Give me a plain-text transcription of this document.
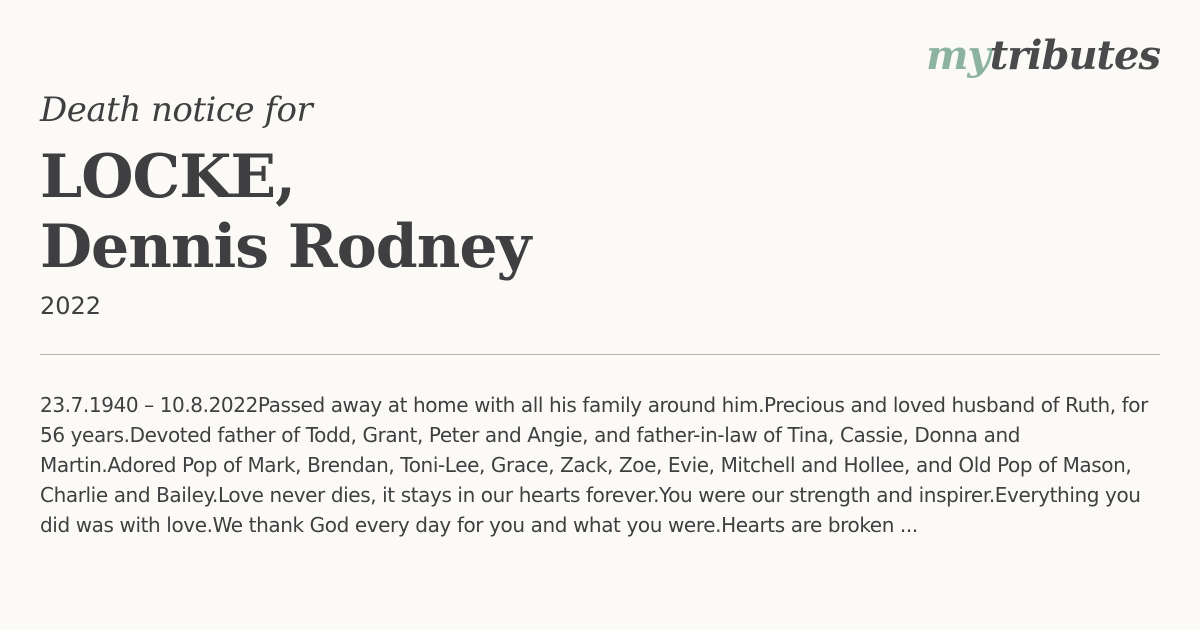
mytributes
Death notice for
LOCKE,
Dennis Rodney
2022

23.7.1940 – 10.8.2022Passed away at home with all his family around him.Precious and loved husband of Ruth, for 56 years.Devoted father of Todd, Grant, Peter and Angie, and father-in-law of Tina, Cassie, Donna and Martin.Adored Pop of Mark, Brendan, Toni-Lee, Grace, Zack, Zoe, Evie, Mitchell and Hollee, and Old Pop of Mason, Charlie and Bailey.Love never dies, it stays in our hearts forever.You were our strength and inspirer.Everything you did was with love.We thank God every day for you and what you were.Hearts are broken ...
